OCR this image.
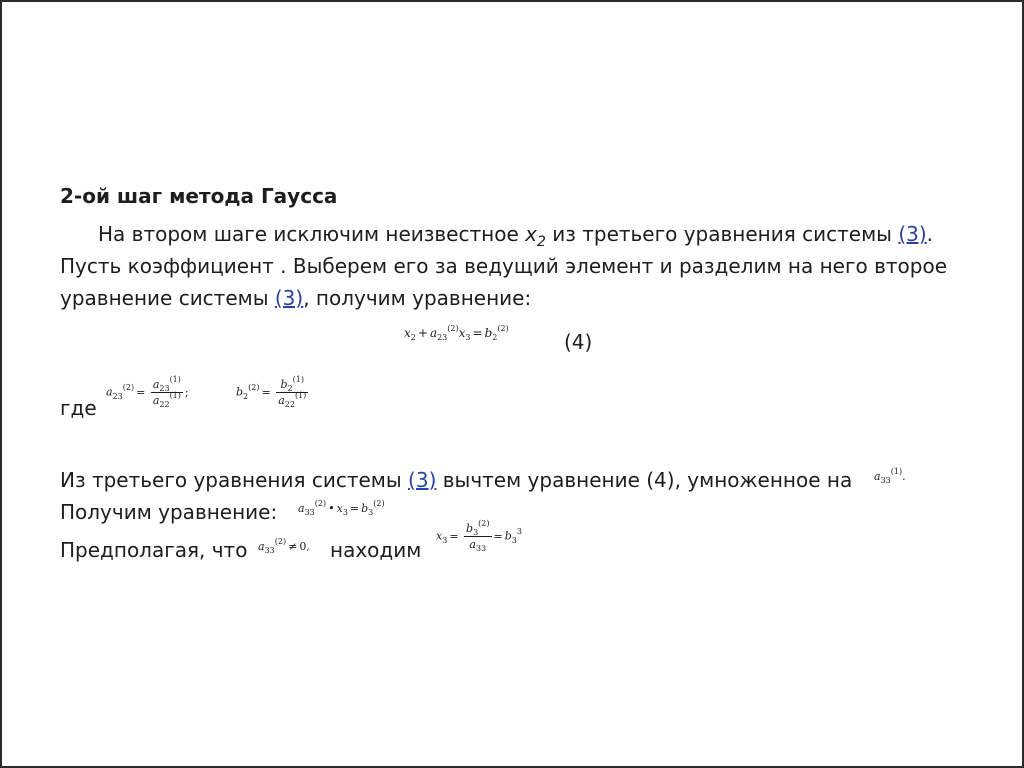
2-ой шаг метода Гаусса
На втором шаге исключим неизвестное $x_2$ из третьего уравнения системы (3).
Пусть коэффициент . Выберем его за ведущий элемент и разделим на него второе
уравнение системы (3), получим уравнение:
$x_2 + a_{23}^{(2)}x_3 = b_2^{(2)}$
(4)
где
$a_{23}^{(2)} = \frac{a_{23}^{(1)}}{a_{22}^{(1)}}$ ;	$b_2^{(2)} = \frac{b_2^{(1)}}{a_{22}^{(1)}}$
Из третьего уравнения системы (3) вычтем уравнение (4), умноженное на $a_{33}^{(1)}$.
Получим уравнение: $a_{33}^{(2)}$ • $x_3 = b_3^{(2)}$
Предполагая, что $a_{33}^{(2)} \ne 0$, находим
$x_3 = \frac{b_3^{(2)}}{a_{33}} = b_3^3$
